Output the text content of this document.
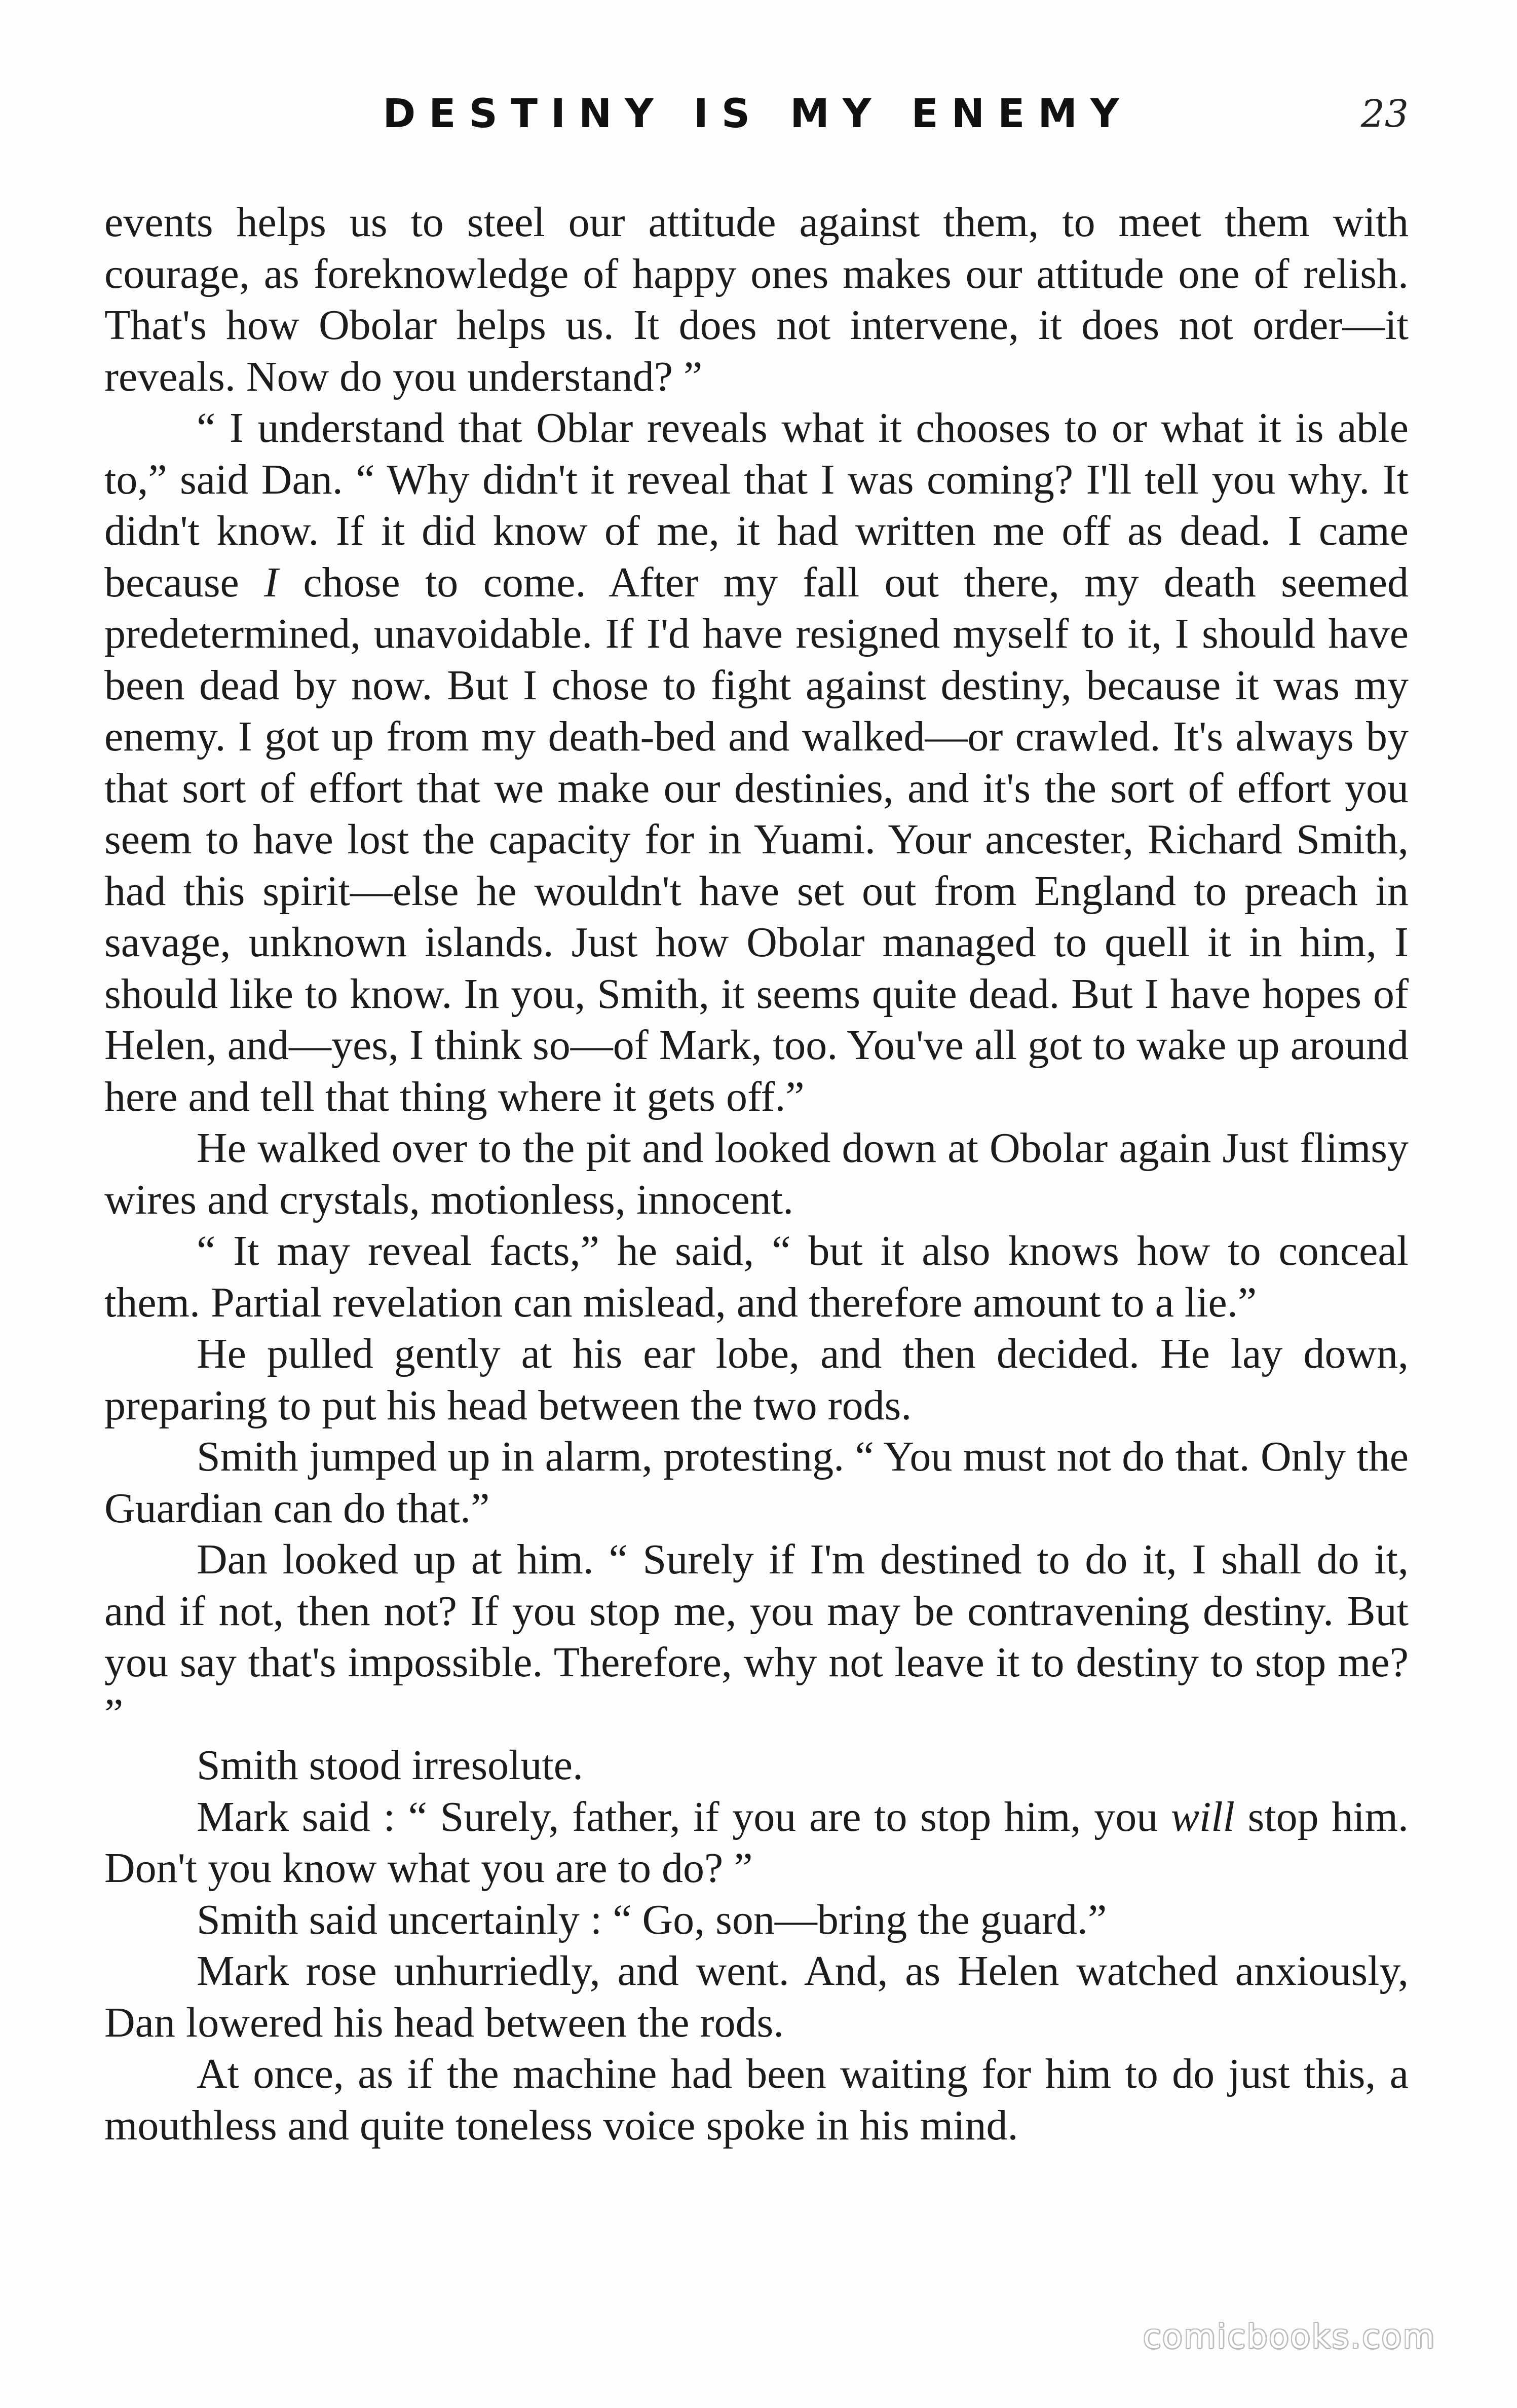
DESTINY IS MY ENEMY	23

events helps us to steel our attitude against them, to meet them with courage, as foreknowledge of happy ones makes our attitude one of relish. That's how Obolar helps us. It does not intervene, it does not order—it reveals. Now do you understand? ”

“ I understand that Oblar reveals what it chooses to or what it is able to,” said Dan. “ Why didn't it reveal that I was coming? I'll tell you why. It didn't know. If it did know of me, it had written me off as dead. I came because I chose to come. After my fall out there, my death seemed predetermined, unavoidable. If I'd have resigned myself to it, I should have been dead by now. But I chose to fight against destiny, because it was my enemy. I got up from my death-bed and walked—or crawled. It's always by that sort of effort that we make our destinies, and it's the sort of effort you seem to have lost the capacity for in Yuami. Your ancester, Richard Smith, had this spirit—else he wouldn't have set out from England to preach in savage, unknown islands. Just how Obolar managed to quell it in him, I should like to know. In you, Smith, it seems quite dead. But I have hopes of Helen, and—yes, I think so—of Mark, too. You've all got to wake up around here and tell that thing where it gets off.”

He walked over to the pit and looked down at Obolar again Just flimsy wires and crystals, motionless, innocent.

“ It may reveal facts,” he said, “ but it also knows how to conceal them. Partial revelation can mislead, and therefore amount to a lie.”

He pulled gently at his ear lobe, and then decided. He lay down, preparing to put his head between the two rods.

Smith jumped up in alarm, protesting. “ You must not do that. Only the Guardian can do that.”

Dan looked up at him. “ Surely if I'm destined to do it, I shall do it, and if not, then not? If you stop me, you may be contravening destiny. But you say that's impossible. Therefore, why not leave it to destiny to stop me? ”

Smith stood irresolute.

Mark said : “ Surely, father, if you are to stop him, you will stop him. Don't you know what you are to do? ”

Smith said uncertainly : “ Go, son—bring the guard.”

Mark rose unhurriedly, and went. And, as Helen watched anxiously, Dan lowered his head between the rods.

At once, as if the machine had been waiting for him to do just this, a mouthless and quite toneless voice spoke in his mind.

comicbooks.com
